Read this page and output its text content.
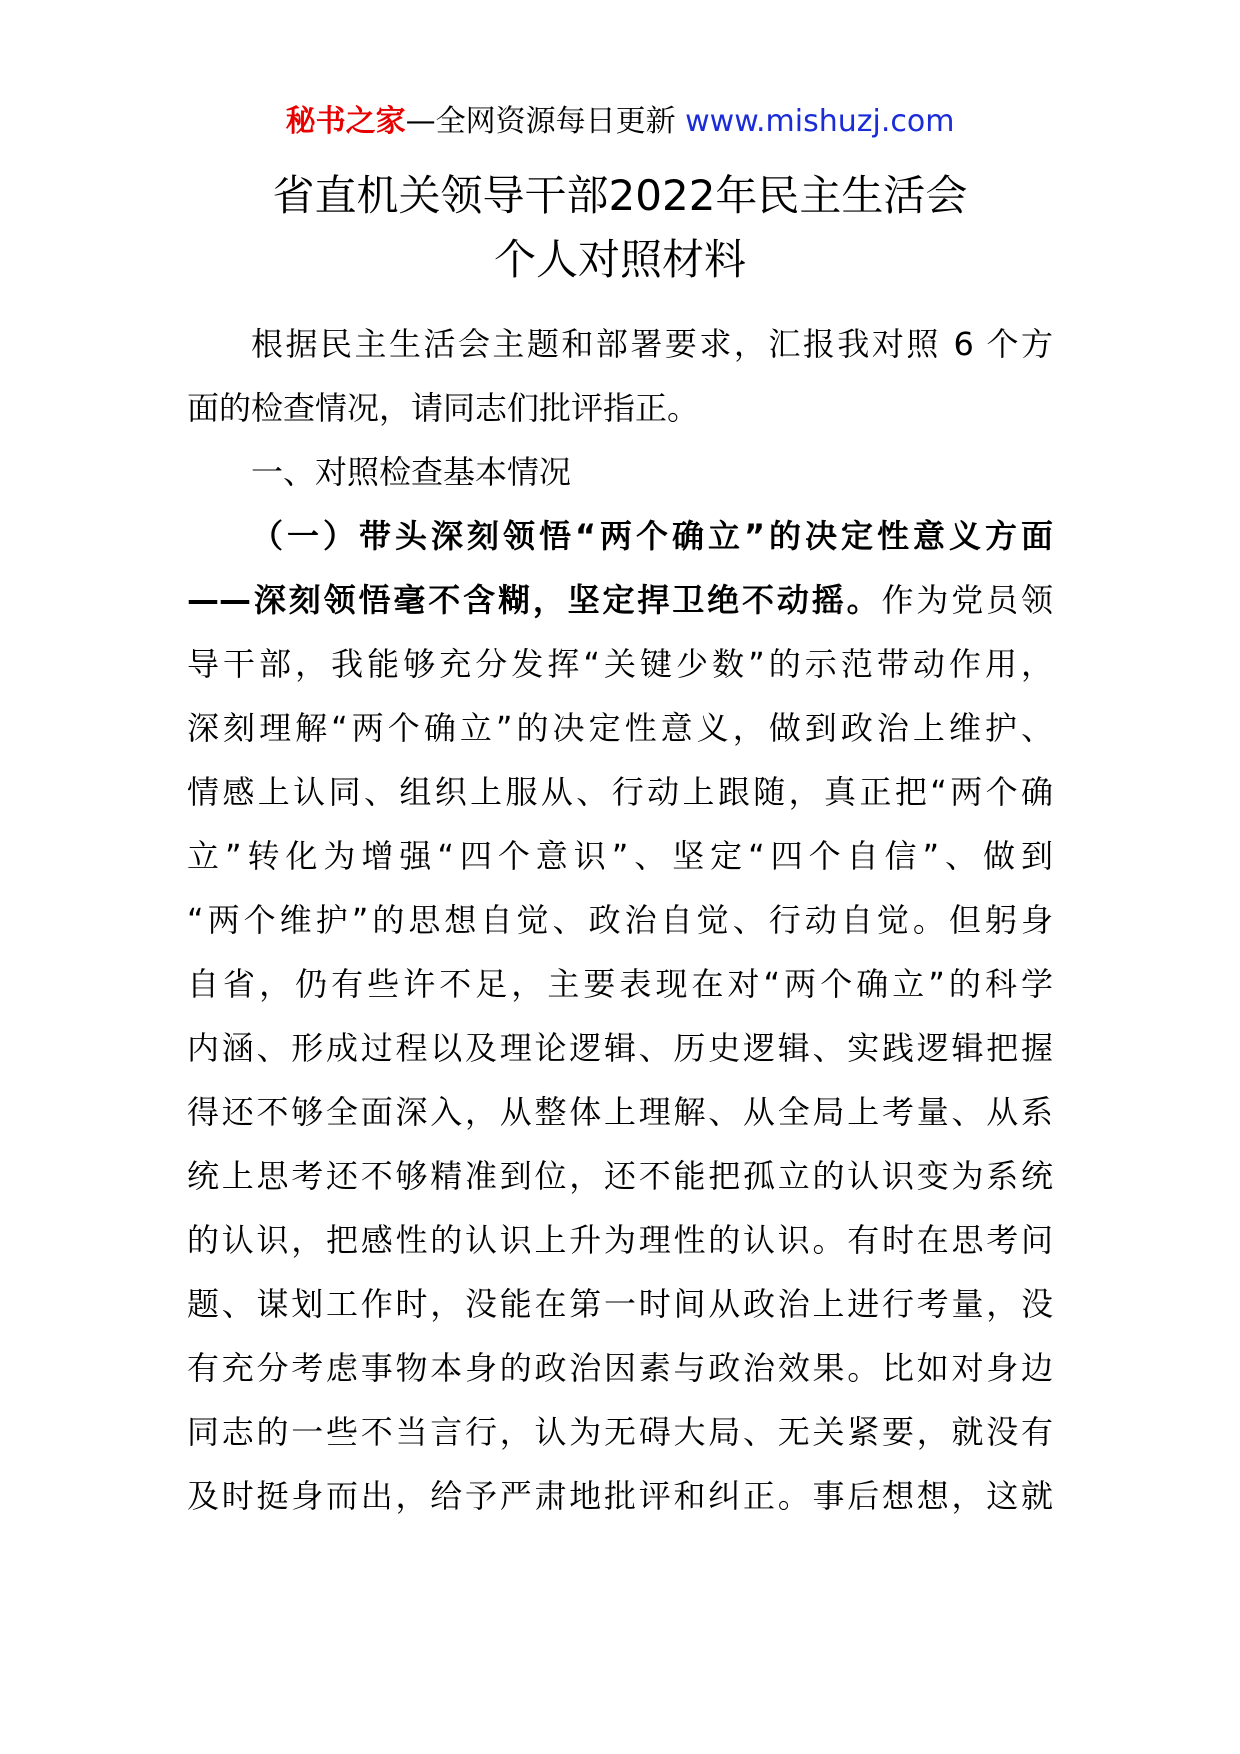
秘书之家—全网资源每日更新 www.mishuzj.com
省直机关领导干部2022年民主生活会
个人对照材料
根据民主生活会主题和部署要求，汇报我对照 6 个方
面的检查情况，请同志们批评指正。
一、对照检查基本情况
（一）带头深刻领悟“两个确立”的决定性意义方面
——深刻领悟毫不含糊，坚定捍卫绝不动摇。作为党员领
导干部，我能够充分发挥“关键少数”的示范带动作用，
深刻理解“两个确立”的决定性意义，做到政治上维护、
情感上认同、组织上服从、行动上跟随，真正把“两个确
立”转化为增强“四个意识”、坚定“四个自信”、做到
“两个维护”的思想自觉、政治自觉、行动自觉。但躬身
自省，仍有些许不足，主要表现在对“两个确立”的科学
内涵、形成过程以及理论逻辑、历史逻辑、实践逻辑把握
得还不够全面深入，从整体上理解、从全局上考量、从系
统上思考还不够精准到位，还不能把孤立的认识变为系统
的认识，把感性的认识上升为理性的认识。有时在思考问
题、谋划工作时，没能在第一时间从政治上进行考量，没
有充分考虑事物本身的政治因素与政治效果。比如对身边
同志的一些不当言行，认为无碍大局、无关紧要，就没有
及时挺身而出，给予严肃地批评和纠正。事后想想，这就
